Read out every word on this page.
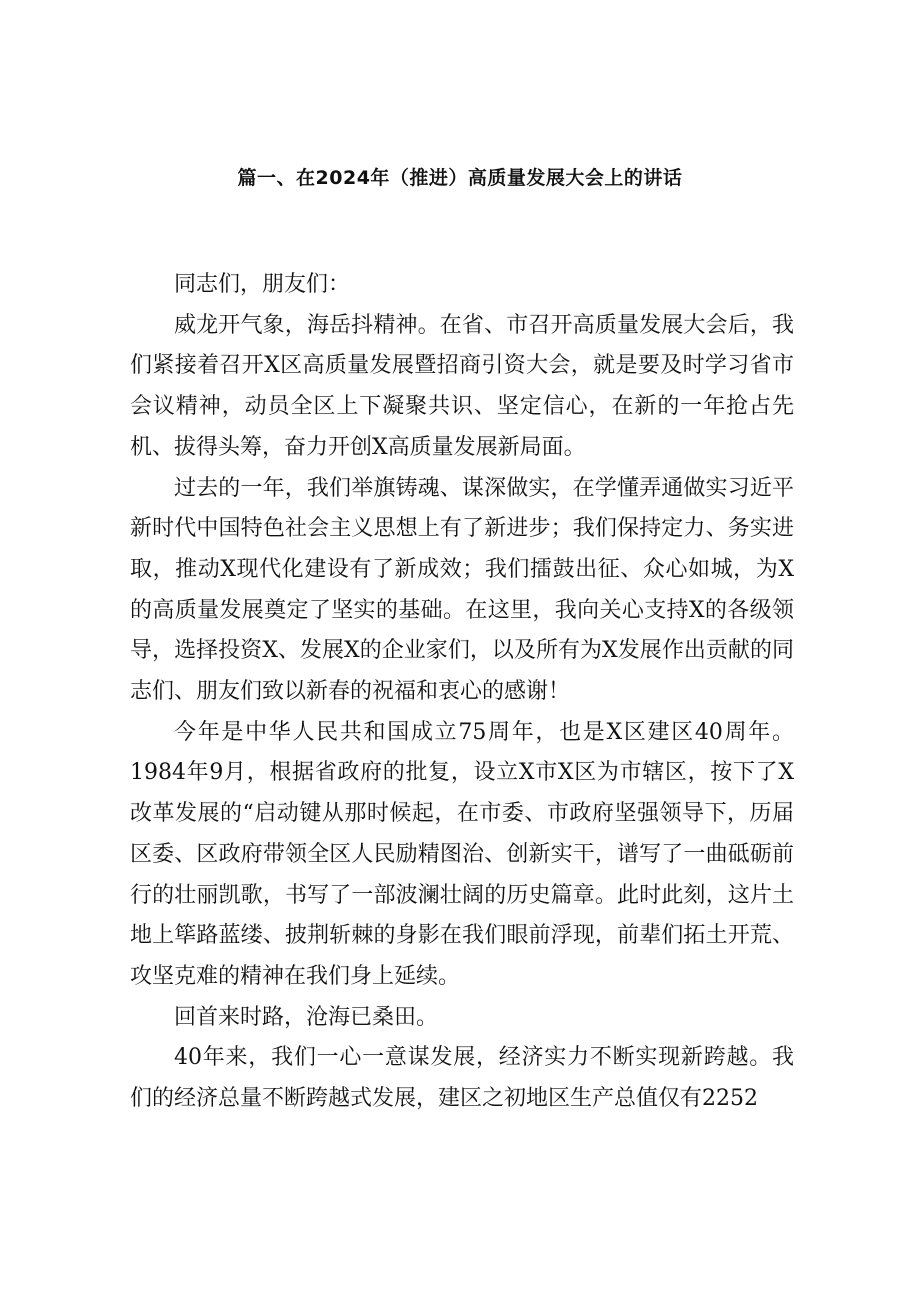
篇一、在2024年（推进）高质量发展大会上的讲话

同志们，朋友们：

威龙开气象，海岳抖精神。在省、市召开高质量发展大会后，我们紧接着召开X区高质量发展暨招商引资大会，就是要及时学习省市会议精神，动员全区上下凝聚共识、坚定信心，在新的一年抢占先机、拔得头筹，奋力开创X高质量发展新局面。

过去的一年，我们举旗铸魂、谋深做实，在学懂弄通做实习近平新时代中国特色社会主义思想上有了新进步；我们保持定力、务实进取，推动X现代化建设有了新成效；我们擂鼓出征、众心如城，为X的高质量发展奠定了坚实的基础。在这里，我向关心支持X的各级领导，选择投资X、发展X的企业家们，以及所有为X发展作出贡献的同志们、朋友们致以新春的祝福和衷心的感谢！

今年是中华人民共和国成立75周年，也是X区建区40周年。1984年9月，根据省政府的批复，设立X市X区为市辖区，按下了X改革发展的“启动键从那时候起，在市委、市政府坚强领导下，历届区委、区政府带领全区人民励精图治、创新实干，谱写了一曲砥砺前行的壮丽凯歌，书写了一部波澜壮阔的历史篇章。此时此刻，这片土地上筚路蓝缕、披荆斩棘的身影在我们眼前浮现，前辈们拓土开荒、攻坚克难的精神在我们身上延续。

回首来时路，沧海已桑田。

40年来，我们一心一意谋发展，经济实力不断实现新跨越。我们的经济总量不断跨越式发展，建区之初地区生产总值仅有2252
